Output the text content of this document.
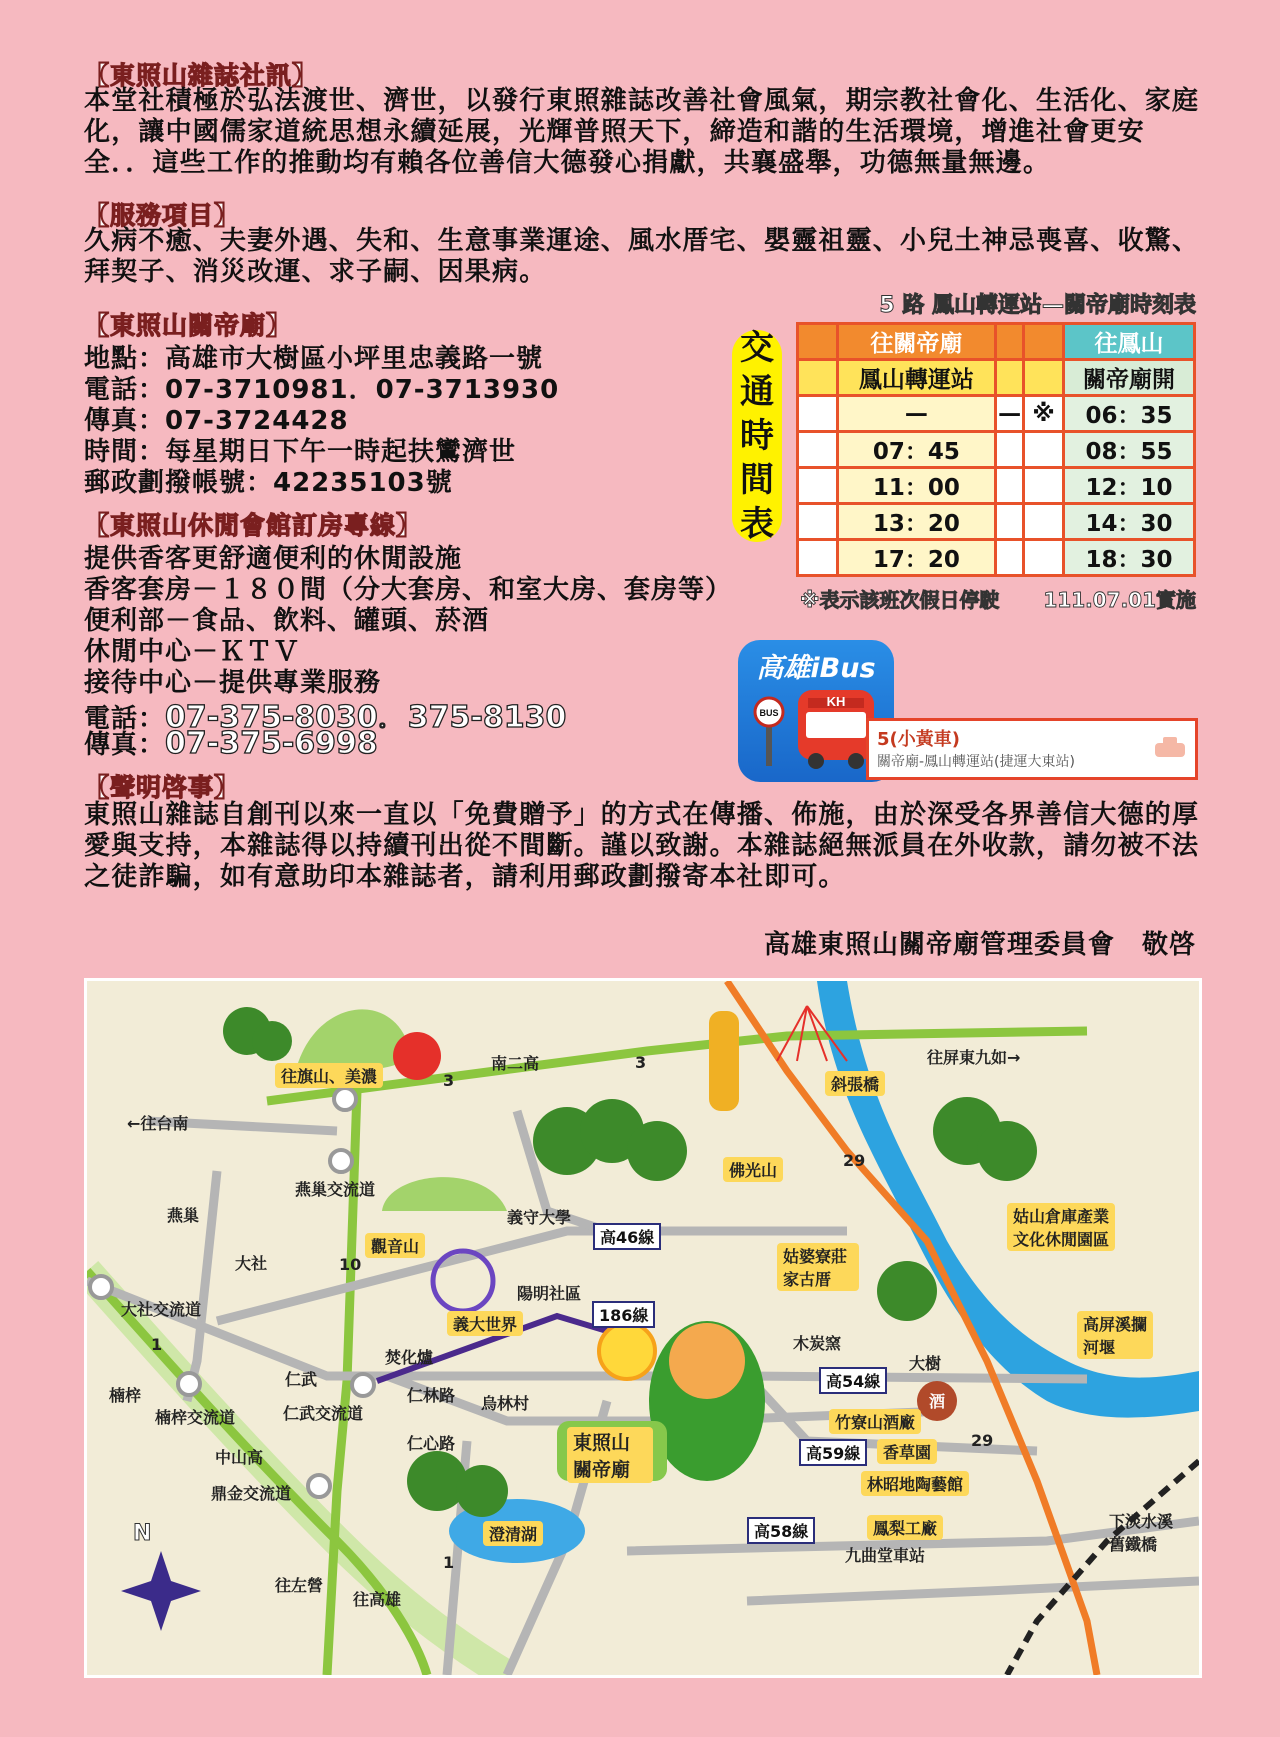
【東照山雜誌社訊】
本堂社積極於弘法渡世、濟世，以發行東照雜誌改善社會風氣，期宗教社會化、生活化、家庭化，讓中國儒家道統思想永續延展，光輝普照天下，締造和諧的生活環境，增進社會更安全．．這些工作的推動均有賴各位善信大德發心捐獻，共襄盛舉，功德無量無邊。
【服務項目】
久病不癒、夫妻外遇、失和、生意事業運途、風水厝宅、嬰靈祖靈、小兒土神忌喪喜、收驚、拜契子、消災改運、求子嗣、因果病。
【東照山關帝廟】
地點：高雄市大樹區小坪里忠義路一號
電話：07-3710981．07-3713930
傳真：07-3724428
時間：每星期日下午一時起扶鸞濟世
郵政劃撥帳號：42235103號
【東照山休閒會館訂房專線】
提供香客更舒適便利的休閒設施
香客套房－１８０間（分大套房、和室大房、套房等）
便利部－食品、飲料、罐頭、菸酒
休閒中心－ＫＴＶ
接待中心－提供專業服務
電話：07-375-8030．375-8130
傳真：07-375-6998
【聲明啓事】
東照山雜誌自創刊以來一直以「免費贈予」的方式在傳播、佈施，由於深受各界善信大德的厚愛與支持，本雜誌得以持續刊出從不間斷。謹以致謝。本雜誌絕無派員在外收款，請勿被不法之徒詐騙，如有意助印本雜誌者，請利用郵政劃撥寄本社即可。
高雄東照山關帝廟管理委員會　敬啓
交
通
時
間
表
5 路 鳳山轉運站—關帝廟時刻表
	往關帝廟			往鳳山
	鳳山轉運站			關帝廟開
	—	—	※	06：35
	07：45			08：55
	11：00			12：10
	13：20			14：30
	17：20			18：30
※表示該班次假日停駛 111.07.01實施
高雄iBus
KH
BUS
5(小黃車)
關帝廟-鳳山轉運站(捷運大東站)
往旗山、美濃
南二高	往屏東九如→
←往台南
斜張橋
佛光山
燕巢交流道
燕巢
觀音山
義守大學
高46線
姑山倉庫產業文化休閒園區
大社
大社交流道
姑婆寮莊家古厝
義大世界
陽明社區
186線	高屏溪攔河堰
木炭窯
大樹
焚化爐
仁武
仁林路 烏林村
高54線
竹寮山酒廠
楠梓
楠梓交流道	仁武交流道
仁心路	東照山關帝廟
高59線	香草園
林昭地陶藝館
中山高
鼎金交流道
澄清湖	高58線	鳳梨工廠
九曲堂車站
下淡水溪舊鐵橋
往左營
往高雄
N
3
3
10
1
1
29
29
酒
